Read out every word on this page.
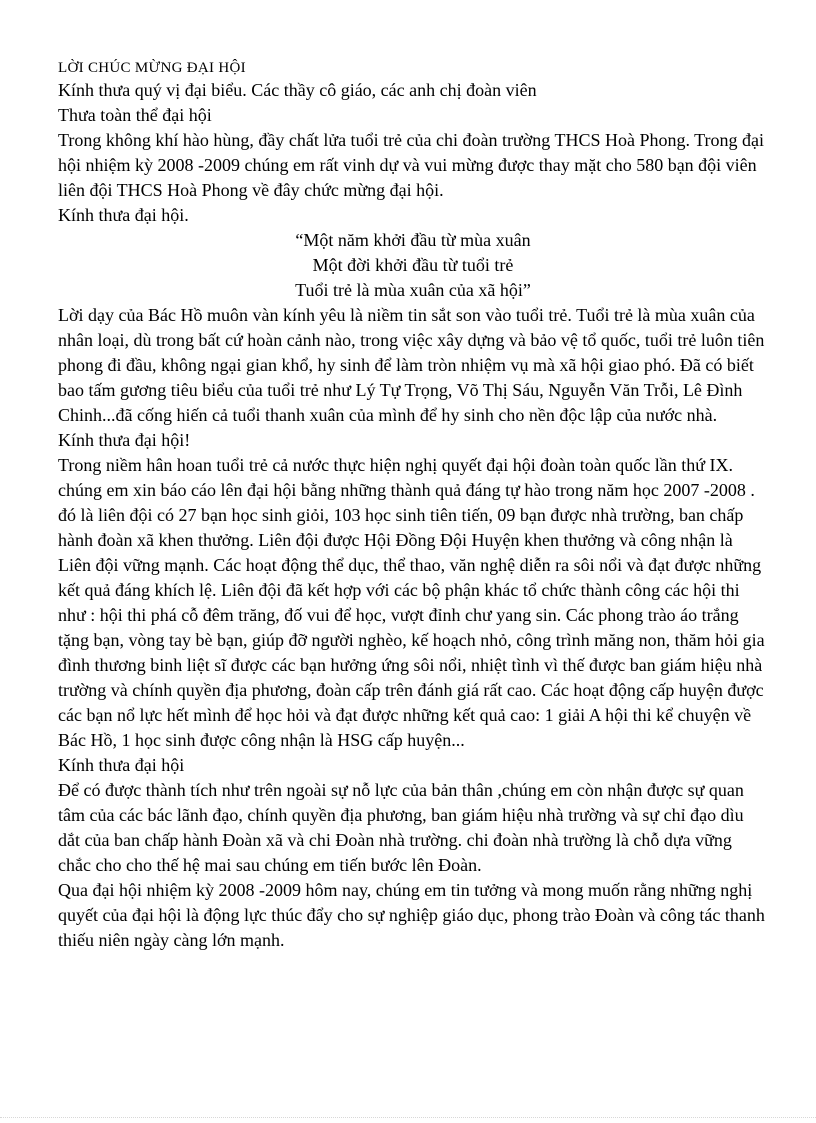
LỜI CHÚC MỪNG ĐẠI HỘI

Kính thưa quý vị đại biểu. Các thầy cô giáo, các anh chị đoàn viên

Thưa toàn thể đại hội

Trong không khí hào hùng, đầy chất lửa tuổi trẻ của chi đoàn trường THCS Hoà Phong. Trong đại hội nhiệm kỳ 2008 -2009 chúng em rất vinh dự và vui mừng được thay mặt cho 580 bạn đội viên liên đội THCS Hoà Phong về đây chức mừng đại hội.

Kính thưa đại hội.

“Một năm khởi đầu từ mùa xuân

Một đời khởi đầu từ tuổi trẻ

Tuổi trẻ là mùa xuân của xã hội”

Lời dạy của Bác Hồ muôn vàn kính yêu là niềm tin sắt son vào tuổi trẻ. Tuổi trẻ là mùa xuân của nhân loại, dù trong bất cứ hoàn cảnh nào, trong việc xây dựng và bảo vệ tổ quốc, tuổi trẻ luôn tiên phong đi đầu, không ngại gian khổ, hy sinh để làm tròn nhiệm vụ mà xã hội giao phó. Đã có biết bao tấm gương tiêu biểu của tuổi trẻ như Lý Tự Trọng, Võ Thị Sáu, Nguyễn Văn Trỗi, Lê Đình Chinh...đã cống hiến cả tuổi thanh xuân của mình để hy sinh cho nền độc lập của nước nhà.

Kính thưa đại hội!

Trong niềm hân hoan tuổi trẻ cả nước thực hiện nghị quyết đại hội đoàn toàn quốc lần thứ IX. chúng em xin báo cáo lên đại hội bằng những thành quả đáng tự hào trong năm học 2007 -2008 . đó là liên đội có 27 bạn học sinh giỏi, 103 học sinh tiên tiến, 09 bạn được nhà trường, ban chấp hành đoàn xã khen thưởng. Liên đội được Hội Đồng Đội Huyện khen thưởng và công nhận là Liên đội vững mạnh. Các hoạt động thể dục, thể thao, văn nghệ diễn ra sôi nổi và đạt được những kết quả đáng khích lệ. Liên đội đã kết hợp với các bộ phận khác tổ chức thành công các hội thi như : hội thi phá cỗ đêm trăng, đố vui để học, vượt đỉnh chư yang sin. Các phong trào áo trắng tặng bạn, vòng tay bè bạn, giúp đỡ người nghèo, kế hoạch nhỏ, công trình măng non, thăm hỏi gia đình thương binh liệt sĩ được các bạn hưởng ứng sôi nổi, nhiệt tình vì thế được ban giám hiệu nhà trường và chính quyền địa phương, đoàn cấp trên đánh giá rất cao. Các hoạt động cấp huyện được các bạn nổ lực hết mình để học hỏi và đạt được những kết quả cao: 1 giải A hội thi kể chuyện về Bác Hồ, 1 học sinh được công nhận là HSG cấp huyện...

Kính thưa đại hội

Để có được thành tích như trên ngoài sự nỗ lực của bản thân ,chúng em còn nhận được sự quan tâm của các bác lãnh đạo, chính quyền địa phương, ban giám hiệu nhà trường và sự chỉ đạo dìu dắt của ban chấp hành Đoàn xã và chi Đoàn nhà trường. chi đoàn nhà trường là chỗ dựa vững chắc cho cho thế hệ mai sau chúng em tiến bước lên Đoàn.

Qua đại hội nhiệm kỳ 2008 -2009 hôm nay, chúng em tin tưởng và mong muốn rằng những nghị quyết của đại hội là động lực thúc đẩy cho sự nghiệp giáo dục, phong trào Đoàn và công tác thanh thiếu niên ngày càng lớn mạnh.
